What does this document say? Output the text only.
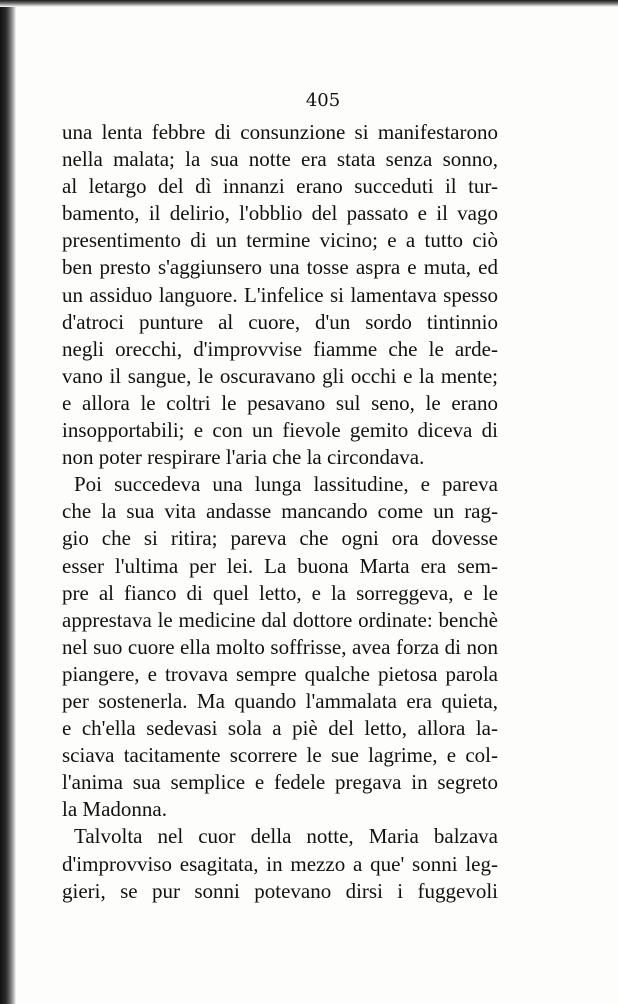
405
una lenta febbre di consunzione si manifestarono
nella malata; la sua notte era stata senza sonno,
al letargo del dì innanzi erano succeduti il tur-
bamento, il delirio, l'obblio del passato e il vago
presentimento di un termine vicino; e a tutto ciò
ben presto s'aggiunsero una tosse aspra e muta, ed
un assiduo languore. L'infelice si lamentava spesso
d'atroci punture al cuore, d'un sordo tintinnio
negli orecchi, d'improvvise fiamme che le arde-
vano il sangue, le oscuravano gli occhi e la mente;
e allora le coltri le pesavano sul seno, le erano
insopportabili; e con un fievole gemito diceva di
non poter respirare l'aria che la circondava.
Poi succedeva una lunga lassitudine, e pareva
che la sua vita andasse mancando come un rag-
gio che si ritira; pareva che ogni ora dovesse
esser l'ultima per lei. La buona Marta era sem-
pre al fianco di quel letto, e la sorreggeva, e le
apprestava le medicine dal dottore ordinate: benchè
nel suo cuore ella molto soffrisse, avea forza di non
piangere, e trovava sempre qualche pietosa parola
per sostenerla. Ma quando l'ammalata era quieta,
e ch'ella sedevasi sola a piè del letto, allora la-
sciava tacitamente scorrere le sue lagrime, e col-
l'anima sua semplice e fedele pregava in segreto
la Madonna.
Talvolta nel cuor della notte, Maria balzava
d'improvviso esagitata, in mezzo a que' sonni leg-
gieri, se pur sonni potevano dirsi i fuggevoli
